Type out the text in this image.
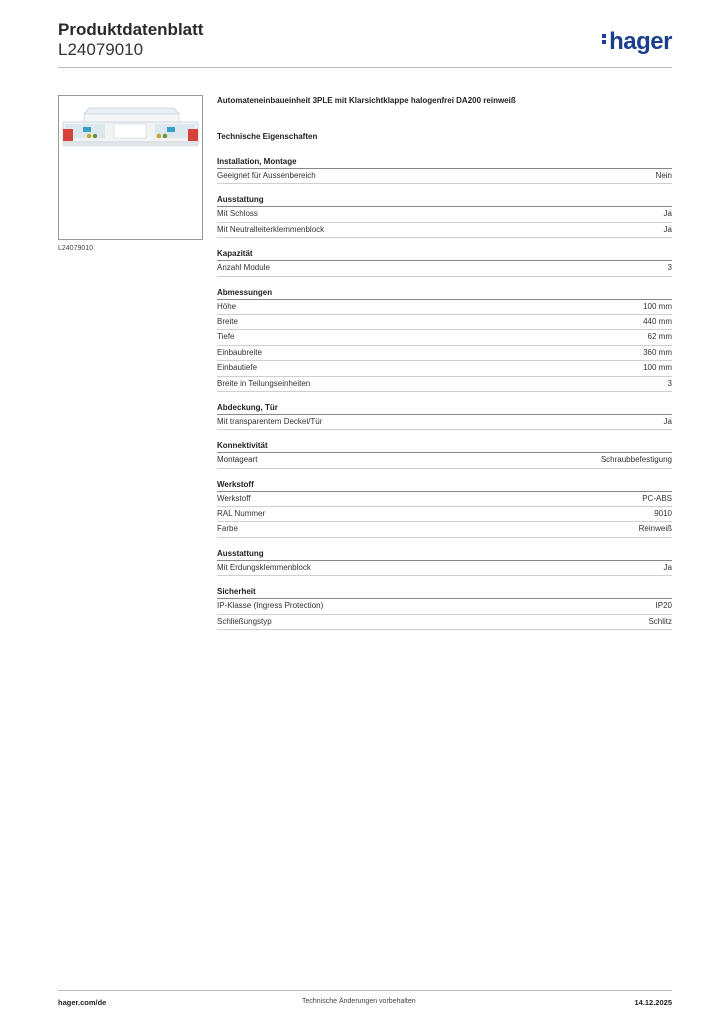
Produktdatenblatt
L24079010	hager
L24079010
Automateneinbaueinheit 3PLE mit Klarsichtklappe halogenfrei DA200 reinweiß
Technische Eigenschaften
Installation, Montage
Geeignet für Aussenbereich	Nein
Ausstattung
Mit Schloss	Ja
Mit Neutralleiterklemmenblock	Ja
Kapazität
Anzahl Module	3
Abmessungen
Höhe	100 mm
Breite	440 mm
Tiefe	62 mm
Einbaubreite	360 mm
Einbautiefe	100 mm
Breite in Teilungseinheiten	3
Abdeckung, Tür
Mit transparentem Deckel/Tür	Ja
Konnektivität
Montageart	Schraubbefestigung
Werkstoff
Werkstoff	PC-ABS
RAL Nummer	9010
Farbe	Reinweiß
Ausstattung
Mit Erdungsklemmenblock	Ja
Sicherheit
IP-Klasse (Ingress Protection)	IP20
Schließungstyp	Schlitz
hager.com/de	Technische Änderungen vorbehalten	14.12.2025
